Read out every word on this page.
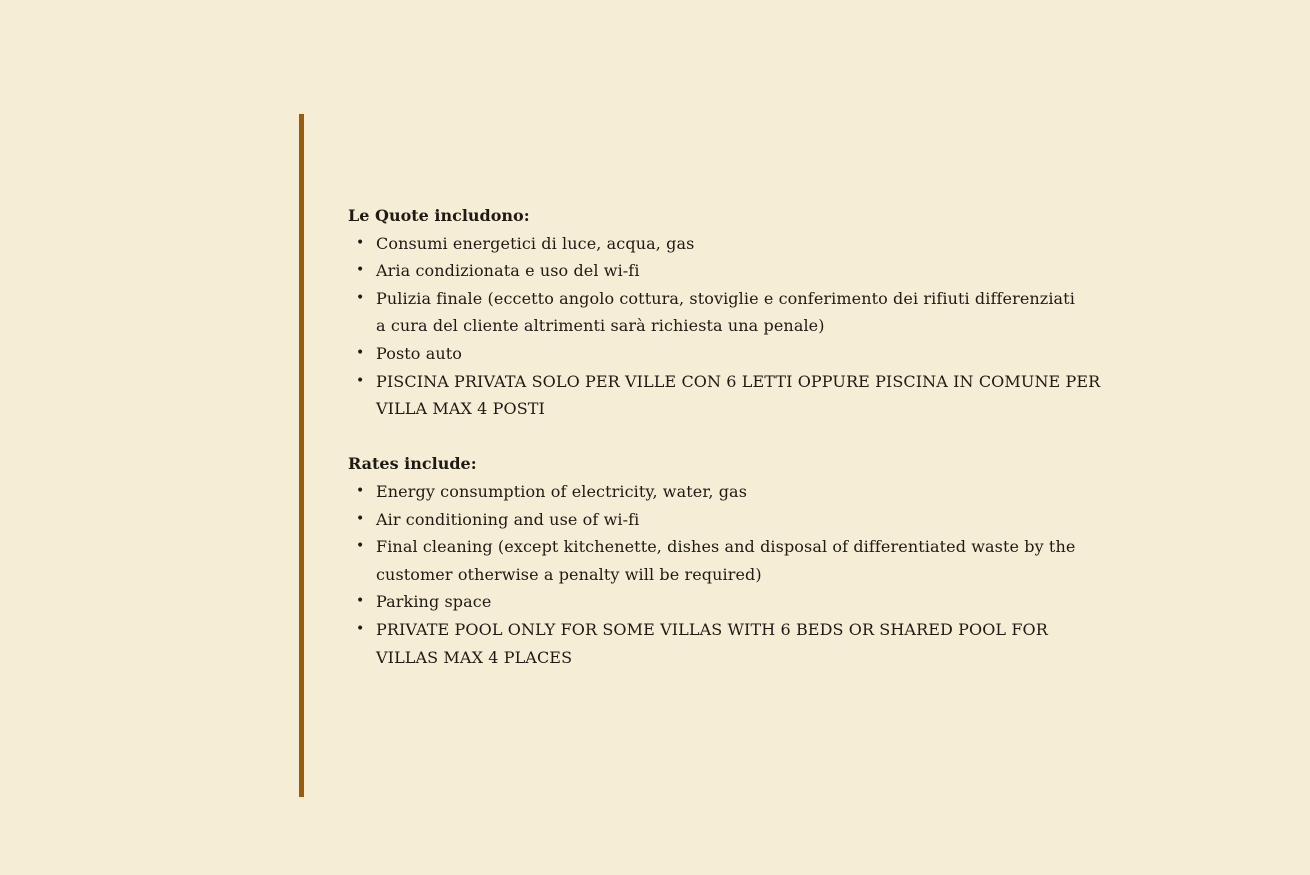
Le Quote includono:

• Consumi energetici di luce, acqua, gas
• Aria condizionata e uso del wi-fi
• Pulizia finale (eccetto angolo cottura, stoviglie e conferimento dei rifiuti differenziati a cura del cliente altrimenti sarà richiesta una penale)
• Posto auto
• PISCINA PRIVATA SOLO PER VILLE CON 6 LETTI OPPURE PISCINA IN COMUNE PER VILLA MAX 4 POSTI

Rates include:

• Energy consumption of electricity, water, gas
• Air conditioning and use of wi-fi
• Final cleaning (except kitchenette, dishes and disposal of differentiated waste by the customer otherwise a penalty will be required)
• Parking space
• PRIVATE POOL ONLY FOR SOME VILLAS WITH 6 BEDS OR SHARED POOL FOR VILLAS MAX 4 PLACES
